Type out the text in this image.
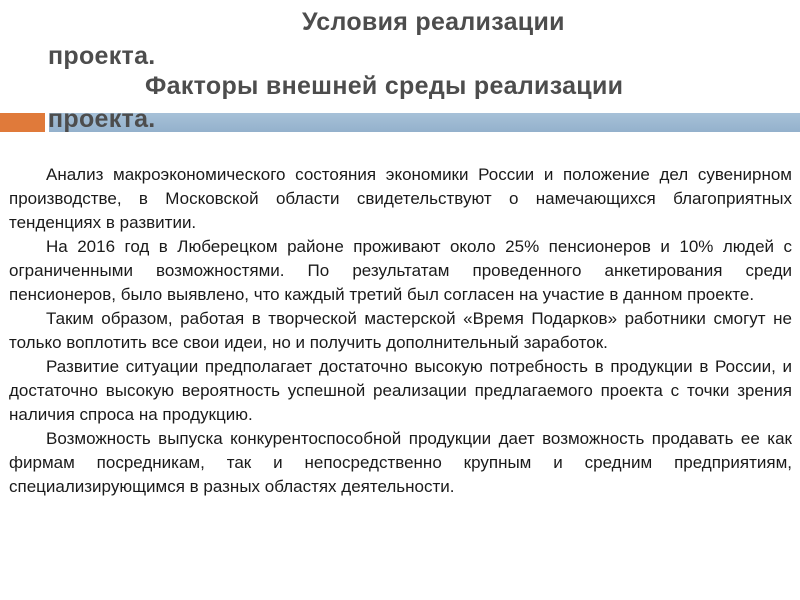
Условия реализации
проекта.
Факторы внешней среды реализации
проекта.

Анализ макроэкономического состояния экономики России и положение дел сувенирном производстве, в Московской области свидетельствуют о намечающихся благоприятных тенденциях в развитии.

На 2016 год в Люберецком районе проживают около 25% пенсионеров и 10% людей с ограниченными возможностями. По результатам проведенного анкетирования среди пенсионеров, было выявлено, что каждый третий был согласен на участие в данном проекте.

Таким образом, работая в творческой мастерской «Время Подарков» работники смогут не только воплотить все свои идеи, но и получить дополнительный заработок.

Развитие ситуации предполагает достаточно высокую потребность в продукции в России, и достаточно высокую вероятность успешной реализации предлагаемого проекта с точки зрения наличия спроса на продукцию.

Возможность выпуска конкурентоспособной продукции дает возможность продавать ее как фирмам посредникам, так и непосредственно крупным и средним предприятиям, специализирующимся в разных областях деятельности.
